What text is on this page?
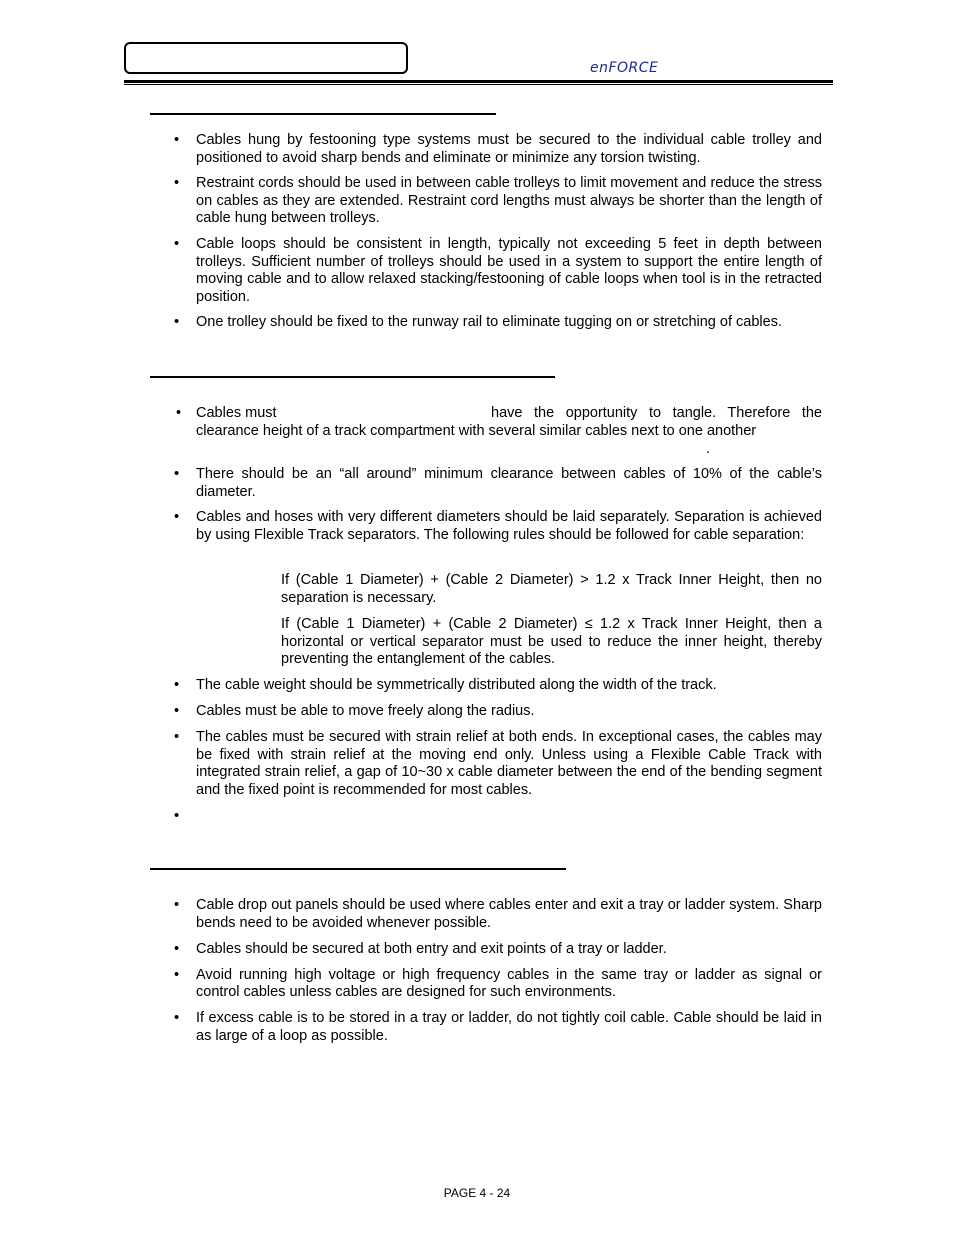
enFORCE
• Cables hung by festooning type systems must be secured to the individual cable trolley and positioned to avoid sharp bends and eliminate or minimize any torsion twisting.
• Restraint cords should be used in between cable trolleys to limit movement and reduce the stress on cables as they are extended. Restraint cord lengths must always be shorter than the length of cable hung between trolleys.
• Cable loops should be consistent in length, typically not exceeding 5 feet in depth between trolleys. Sufficient number of trolleys should be used in a system to support the entire length of moving cable and to allow relaxed stacking/festooning of cable loops when tool is in the retracted position.
• One trolley should be fixed to the runway rail to eliminate tugging on or stretching of cables.
• Cables must	have the opportunity to tangle. Therefore the clearance height of a track compartment with several similar cables next to one another
.
• There should be an “all around” minimum clearance between cables of 10% of the cable’s diameter.
• Cables and hoses with very different diameters should be laid separately. Separation is achieved by using Flexible Track separators. The following rules should be followed for cable separation:
If (Cable 1 Diameter) + (Cable 2 Diameter) > 1.2 x Track Inner Height, then no separation is necessary.
If (Cable 1 Diameter) + (Cable 2 Diameter) ≤ 1.2 x Track Inner Height, then a horizontal or vertical separator must be used to reduce the inner height, thereby preventing the entanglement of the cables.
• The cable weight should be symmetrically distributed along the width of the track.
• Cables must be able to move freely along the radius.
• The cables must be secured with strain relief at both ends. In exceptional cases, the cables may be fixed with strain relief at the moving end only. Unless using a Flexible Cable Track with integrated strain relief, a gap of 10~30 x cable diameter between the end of the bending segment and the fixed point is recommended for most cables.
•
• Cable drop out panels should be used where cables enter and exit a tray or ladder system. Sharp bends need to be avoided whenever possible.
• Cables should be secured at both entry and exit points of a tray or ladder.
• Avoid running high voltage or high frequency cables in the same tray or ladder as signal or control cables unless cables are designed for such environments.
• If excess cable is to be stored in a tray or ladder, do not tightly coil cable. Cable should be laid in as large of a loop as possible.
PAGE 4 - 24
